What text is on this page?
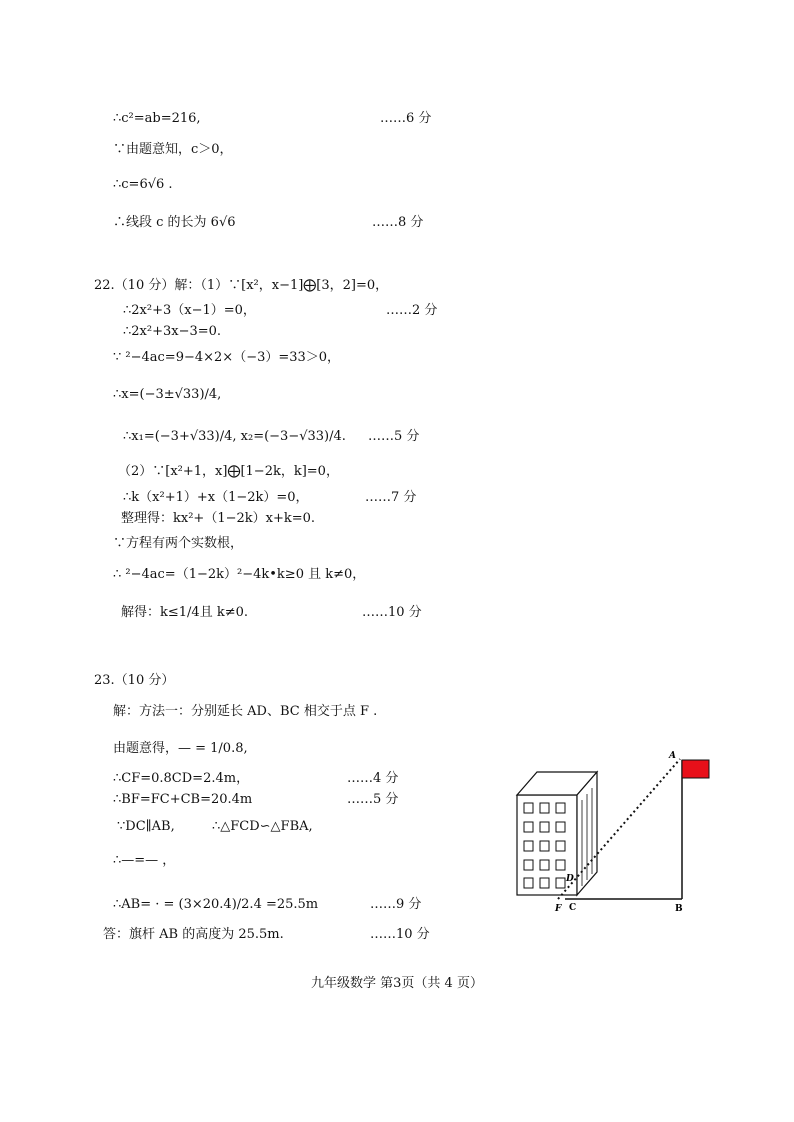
∴c²=ab=216,	……6 分
∵由题意知，c＞0，
∴c=6√6 .
∴线段 c 的长为 6√6	……8 分
22.（10 分）解：（1）∵[x²，x−1]⨁[3，2]=0，
∴2x²+3（x−1）=0，	……2 分
∴2x²+3x−3=0.
∵ ²−4ac=9−4×2×（−3）=33＞0，
∴x=(−3±√33)/4,
∴x₁=(−3+√33)/4, x₂=(−3−√33)/4. ……5 分
（2）∵[x²+1，x]⨁[1−2k，k]=0，
∴k（x²+1）+x（1−2k）=0，	……7 分
整理得：kx²+（1−2k）x+k=0.
∵方程有两个实数根，
∴ ²−4ac=（1−2k）²−4k•k≥0 且 k≠0，
解得：k≤1/4且 k≠0.	……10 分
23.（10 分）
解：方法一：分别延长 AD、BC 相交于点 F .
由题意得，— = 1/0.8,
∴CF=0.8CD=2.4m，	……4 分
∴BF=FC+CB=20.4m	……5 分
∵DC∥AB,	∴△FCD∽△FBA,
∴—=— ，
∴AB= · = (3×20.4)/2.4 =25.5m	……9 分
答：旗杆 AB 的高度为 25.5m.	……10 分
A
D
F C	B
九年级数学 第3页（共 4 页）
